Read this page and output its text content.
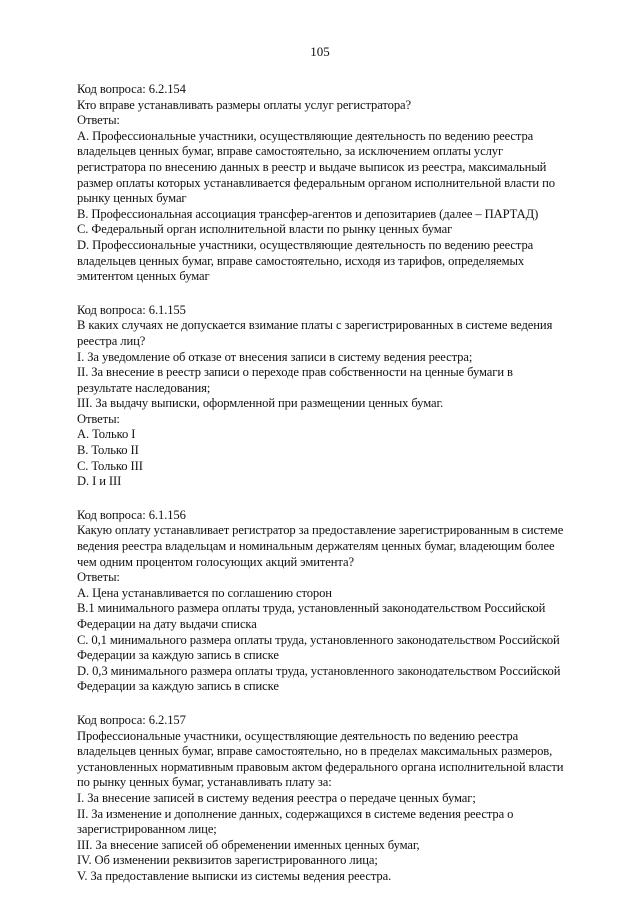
105
Код вопроса: 6.2.154
Кто вправе устанавливать размеры оплаты услуг регистратора?
Ответы:
A. Профессиональные участники, осуществляющие деятельность по ведению реестра
владельцев ценных бумаг, вправе самостоятельно, за исключением оплаты услуг
регистратора по внесению данных в реестр и выдаче выписок из реестра, максимальный
размер оплаты которых устанавливается федеральным органом исполнительной власти по
рынку ценных бумаг
B. Профессиональная ассоциация трансфер-агентов и депозитариев (далее – ПАРТАД)
C. Федеральный орган исполнительной власти по рынку ценных бумаг
D. Профессиональные участники, осуществляющие деятельность по ведению реестра
владельцев ценных бумаг, вправе самостоятельно, исходя из тарифов, определяемых
эмитентом ценных бумаг
Код вопроса: 6.1.155
В каких случаях не допускается взимание платы с зарегистрированных в системе ведения
реестра лиц?
I. За уведомление об отказе от внесения записи в систему ведения реестра;
II. За внесение в реестр записи о переходе прав собственности на ценные бумаги в
результате наследования;
III. За выдачу выписки, оформленной при размещении ценных бумаг.
Ответы:
A. Только I
B. Только II
C. Только III
D. I и III
Код вопроса: 6.1.156
Какую оплату устанавливает регистратор за предоставление зарегистрированным в системе
ведения реестра владельцам и номинальным держателям ценных бумаг, владеющим более
чем одним процентом голосующих акций эмитента?
Ответы:
A. Цена устанавливается по соглашению сторон
B.1 минимального размера оплаты труда, установленный законодательством Российской
Федерации на дату выдачи списка
C. 0,1 минимального размера оплаты труда, установленного законодательством Российской
Федерации за каждую запись в списке
D. 0,3 минимального размера оплаты труда, установленного законодательством Российской
Федерации за каждую запись в списке
Код вопроса: 6.2.157
Профессиональные участники, осуществляющие деятельность по ведению реестра
владельцев ценных бумаг, вправе самостоятельно, но в пределах максимальных размеров,
установленных нормативным правовым актом федерального органа исполнительной власти
по рынку ценных бумаг, устанавливать плату за:
I. За внесение записей в систему ведения реестра о передаче ценных бумаг;
II. За изменение и дополнение данных, содержащихся в системе ведения реестра о
зарегистрированном лице;
III. За внесение записей об обременении именных ценных бумаг,
IV. Об изменении реквизитов зарегистрированного лица;
V. За предоставление выписки из системы ведения реестра.
